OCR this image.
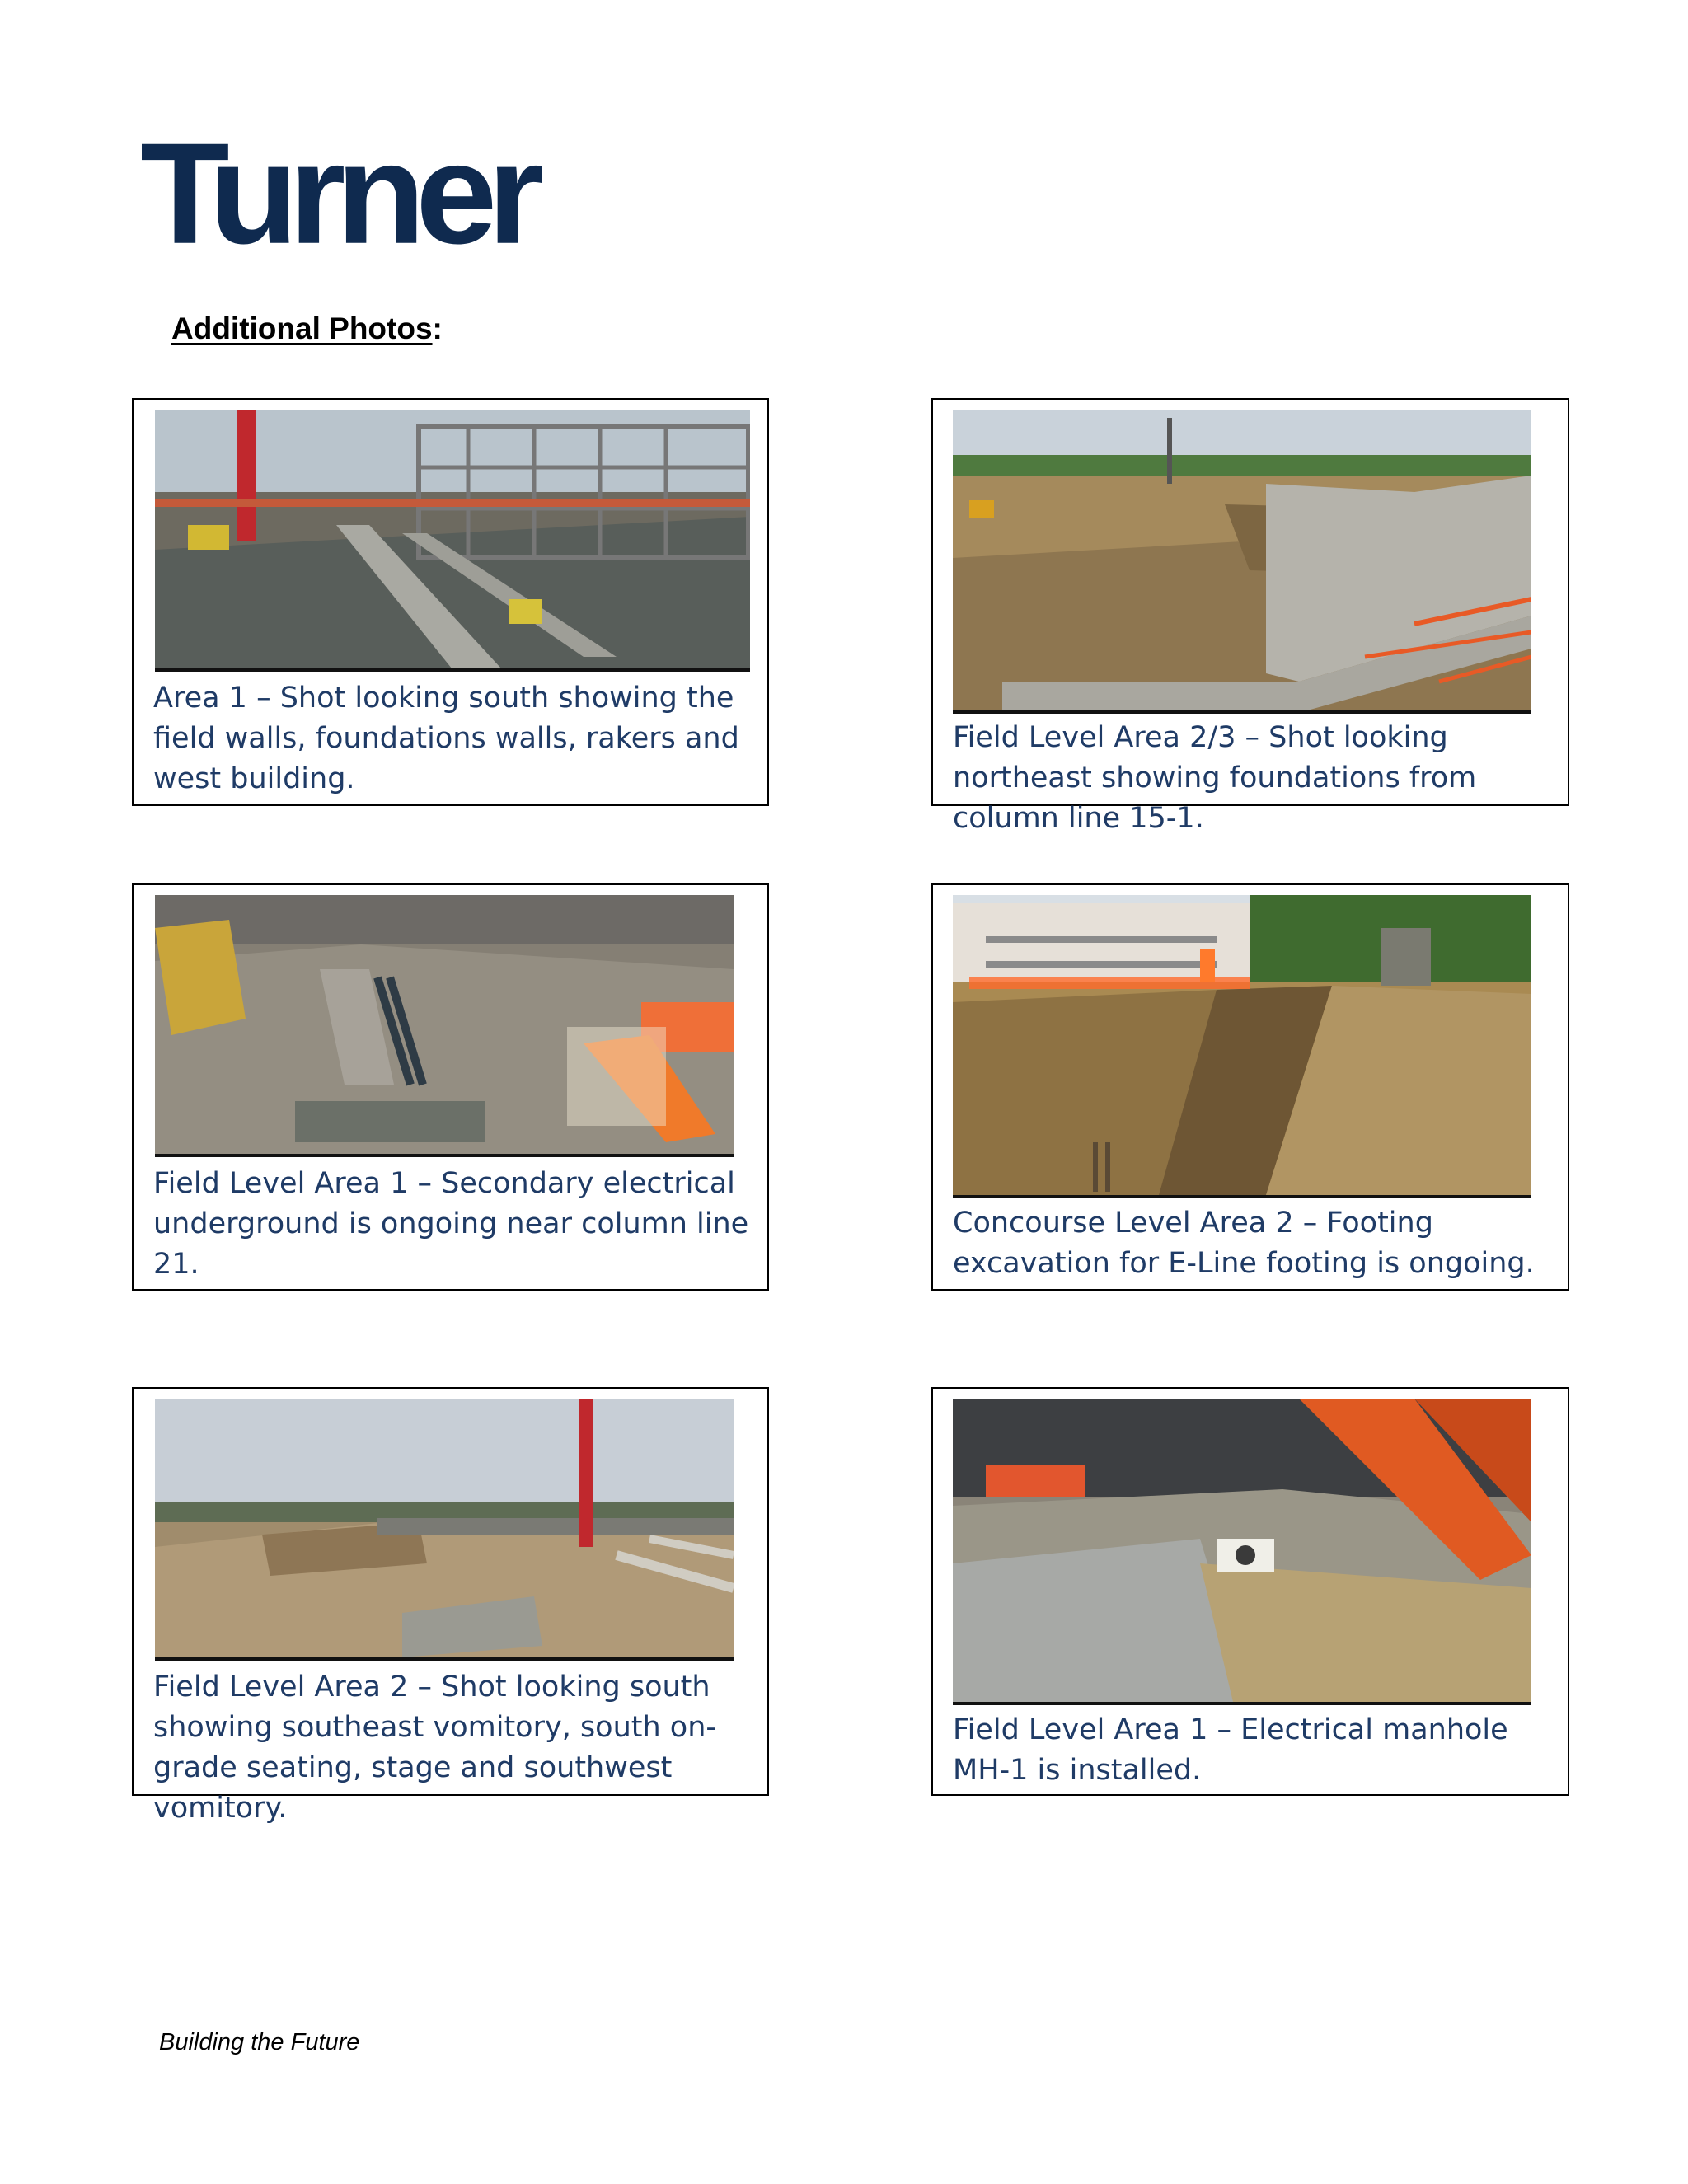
Turner
Additional Photos:
Area 1 – Shot looking south showing the field walls, foundations walls, rakers and west building.
Field Level Area 2/3 – Shot looking northeast showing foundations from column line 15-1.
Field Level Area 1 – Secondary electrical underground is ongoing near column line 21.
Concourse Level Area 2 – Footing excavation for E-Line footing is ongoing.
Field Level Area 2 – Shot looking south showing southeast vomitory, south on-grade seating, stage and southwest vomitory.
Field Level Area 1 – Electrical manhole MH-1 is installed.
Building the Future
